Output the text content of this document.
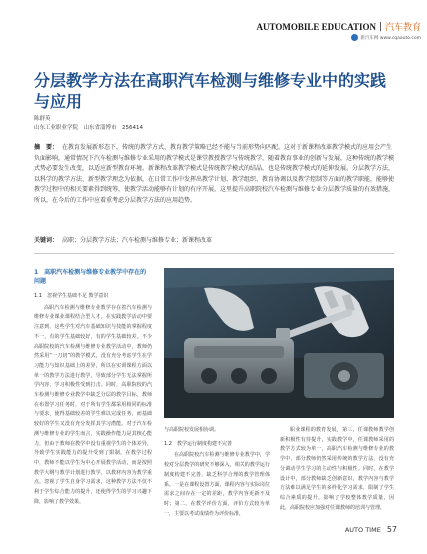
AUTOMOBILE EDUCATION｜汽车教育
新汽车网 www.cqaauto.com
分层教学方法在高职汽车检测与维修专业中的实践与应用
陈群英
山东工业职业学院　山东省淄博市　256414
摘　要： 在教育发展新形态下，传统的教学方式、教育教学策略已经不能与当前形势向匹配，这对于新课程改革教学模式的应用会产生负面影响，通常情况下汽车检测与维修专业采用的教学模式是课堂教授教学与传统教学，随着教育事业的创新与发展，这种传统的教学模式势必要发生改变，以适应新型教育环境。新课程改革教学模式是传统教学模式的结晶，也是传统教学模式的延伸发展。分层教学方法，以科学的教学方法、新型教学理念为依据，在日常工作中发挥出教学计划、教学组织、教育协调以及教学控制等方面的教学职能，能够使教学过程中的相关要素得到统筹，使教学活动能够有计划的有序开展，这里提升高职院校汽车检测与维修专业分层教学质量的有效措施，所以，在今后的工作中应着重考虑分层教学方法的应用趋势。
关键词： 高职；分层教学方法；汽车检测与维修专业；新课程改革
1　高职汽车检测与维修专业教学中存在的问题
1.1　忽视学生基础不足 教学意识
高职汽车检测与维修专业教学存在着汽车检测与维修专业课业课程结合型人才。在实践教学活动中要注意到，这些学生对汽车基础知识与技能的掌握程度不一，有的学生基础较好，有的学生基础较差。不少高职院校的汽车检测与维修专业教学活动中，教师仍然采用“一刀切”的教学模式，没有充分考虑学生在学习能力与知识基础上的差异，所以在实训课程方面以单一的教学方法进行教学，导致部分学生无法掌握所学内容，学习积极性受到打击。同时，高职院校的汽车检测与维修专业教学中缺乏分层的教学目标，教师在布置学习任务时，对于所有学生都采用相同的标准与要求，使得基础较差的学生难以完成任务，而基础较好的学生又没有充分发挥其学习潜能。对于汽车检测与维修专业的学生而言，实践操作能力是其核心能力，但由于教师在教学中没有重视学生的个体差异，导致学生实践能力的提升受到了限制。在教学过程中，教师不能以学生为中心开展教学活动，而是按照教学大纲与教学计划进行教学，以教材内容为教学重点，忽视了学生自身学习需求，这种教学方法不仅不利于学生综合能力的提升，还使得学生的学习兴趣下降，影响了教学效果。
与高职院校发展相协调。
1.2　教学运行制度构建不完善
在高职院校汽车检测与维修专业教学中，学校对分层教学的研究不够深入，相关的教学运行制度构建不完善，缺乏科学合理的教学管理体系。一是在课程设置方面，课程内容与实际岗位需求之间存在一定的差距，教学内容更新不及时；第二，在教学评价方面，评价方式较为单一，主要以考试成绩作为评价标准，
职业课程的教育发展，第三，任课教师教学创新积极性有待提升，实践教学中，任课教师采用的教学方式较为单一，高职汽车检测与维修专业的教学中，部分教师仍然采用传统的教学方法，没有充分调动学生学习的主动性与积极性。同时，在教学设计中，部分教师缺乏创新意识，教学内容与教学方法难以满足学生的多样化学习需求，限制了学生综合素质的提升，影响了学校整体教学质量，因此，高职院校应加强对任课教师的培训与管理。
AUTO TIME 57
